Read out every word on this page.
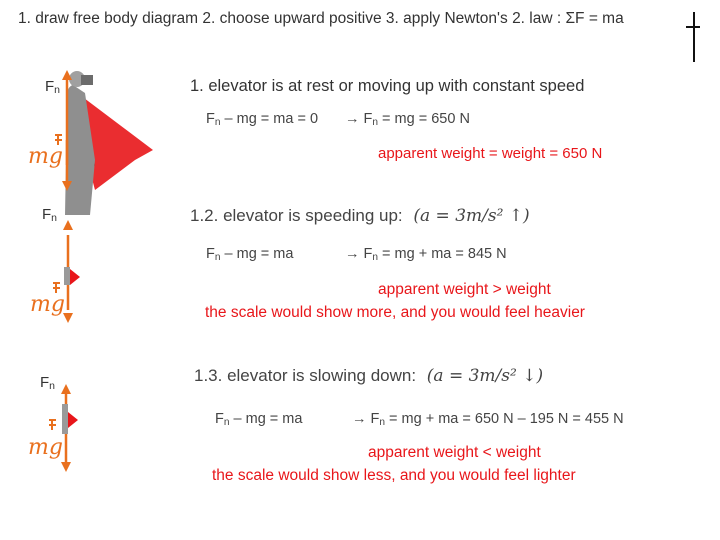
1. draw free body diagram 2. choose upward positive 3. apply Newton's 2. law : ΣF = ma
$F_n$
mg
1. elevator is at rest or moving up with constant speed
$F_n$ – mg = ma = $0 \to F_n$ = mg = 650 N
apparent weight = weight = 650 N
$F_n$
mg
1.2. elevator is speeding up: (a = 3m/s² ↑)
$F_n$ – mg = ma	→ $F_n$ = mg + ma = 845 N
apparent weight > weight
the scale would show more, and you would feel heavier
$F_n$
mg
1.3. elevator is slowing down: (a = 3m/s² ↓)
$F_n$ – mg = ma	→ $F_n$ = mg + ma = 650 N – 195 N = 455 N
apparent weight < weight
the scale would show less, and you would feel lighter
